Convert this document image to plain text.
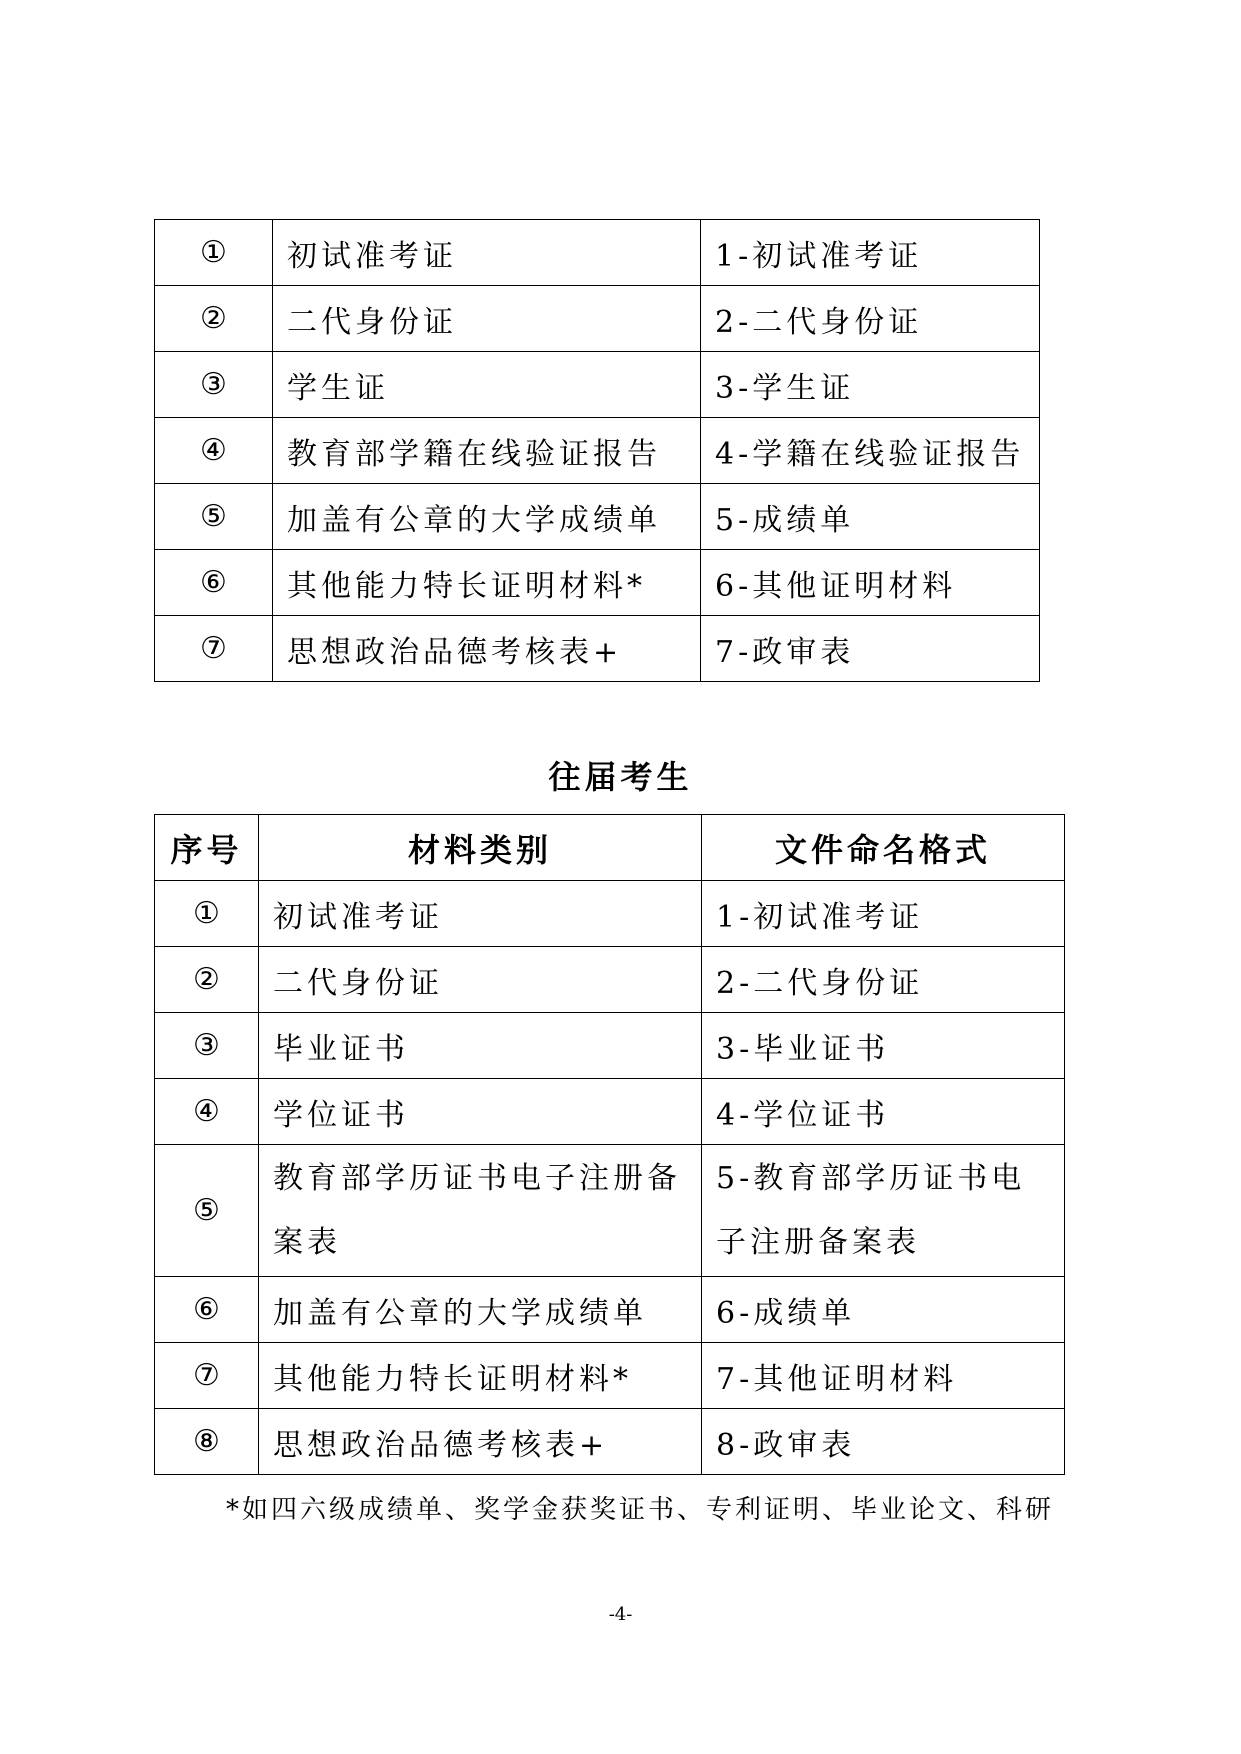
①	初试准考证	1-初试准考证
②	二代身份证	2-二代身份证
③	学生证	3-学生证
④	教育部学籍在线验证报告	4-学籍在线验证报告
⑤	加盖有公章的大学成绩单	5-成绩单
⑥	其他能力特长证明材料*	6-其他证明材料
⑦	思想政治品德考核表+	7-政审表
往届考生
序号	材料类别	文件命名格式
①	初试准考证	1-初试准考证
②	二代身份证	2-二代身份证
③	毕业证书	3-毕业证书
④	学位证书	4-学位证书
⑤	教育部学历证书电子注册备案表	5-教育部学历证书电子注册备案表
⑥	加盖有公章的大学成绩单	6-成绩单
⑦	其他能力特长证明材料*	7-其他证明材料
⑧	思想政治品德考核表+	8-政审表
*如四六级成绩单、奖学金获奖证书、专利证明、毕业论文、科研
-4-
